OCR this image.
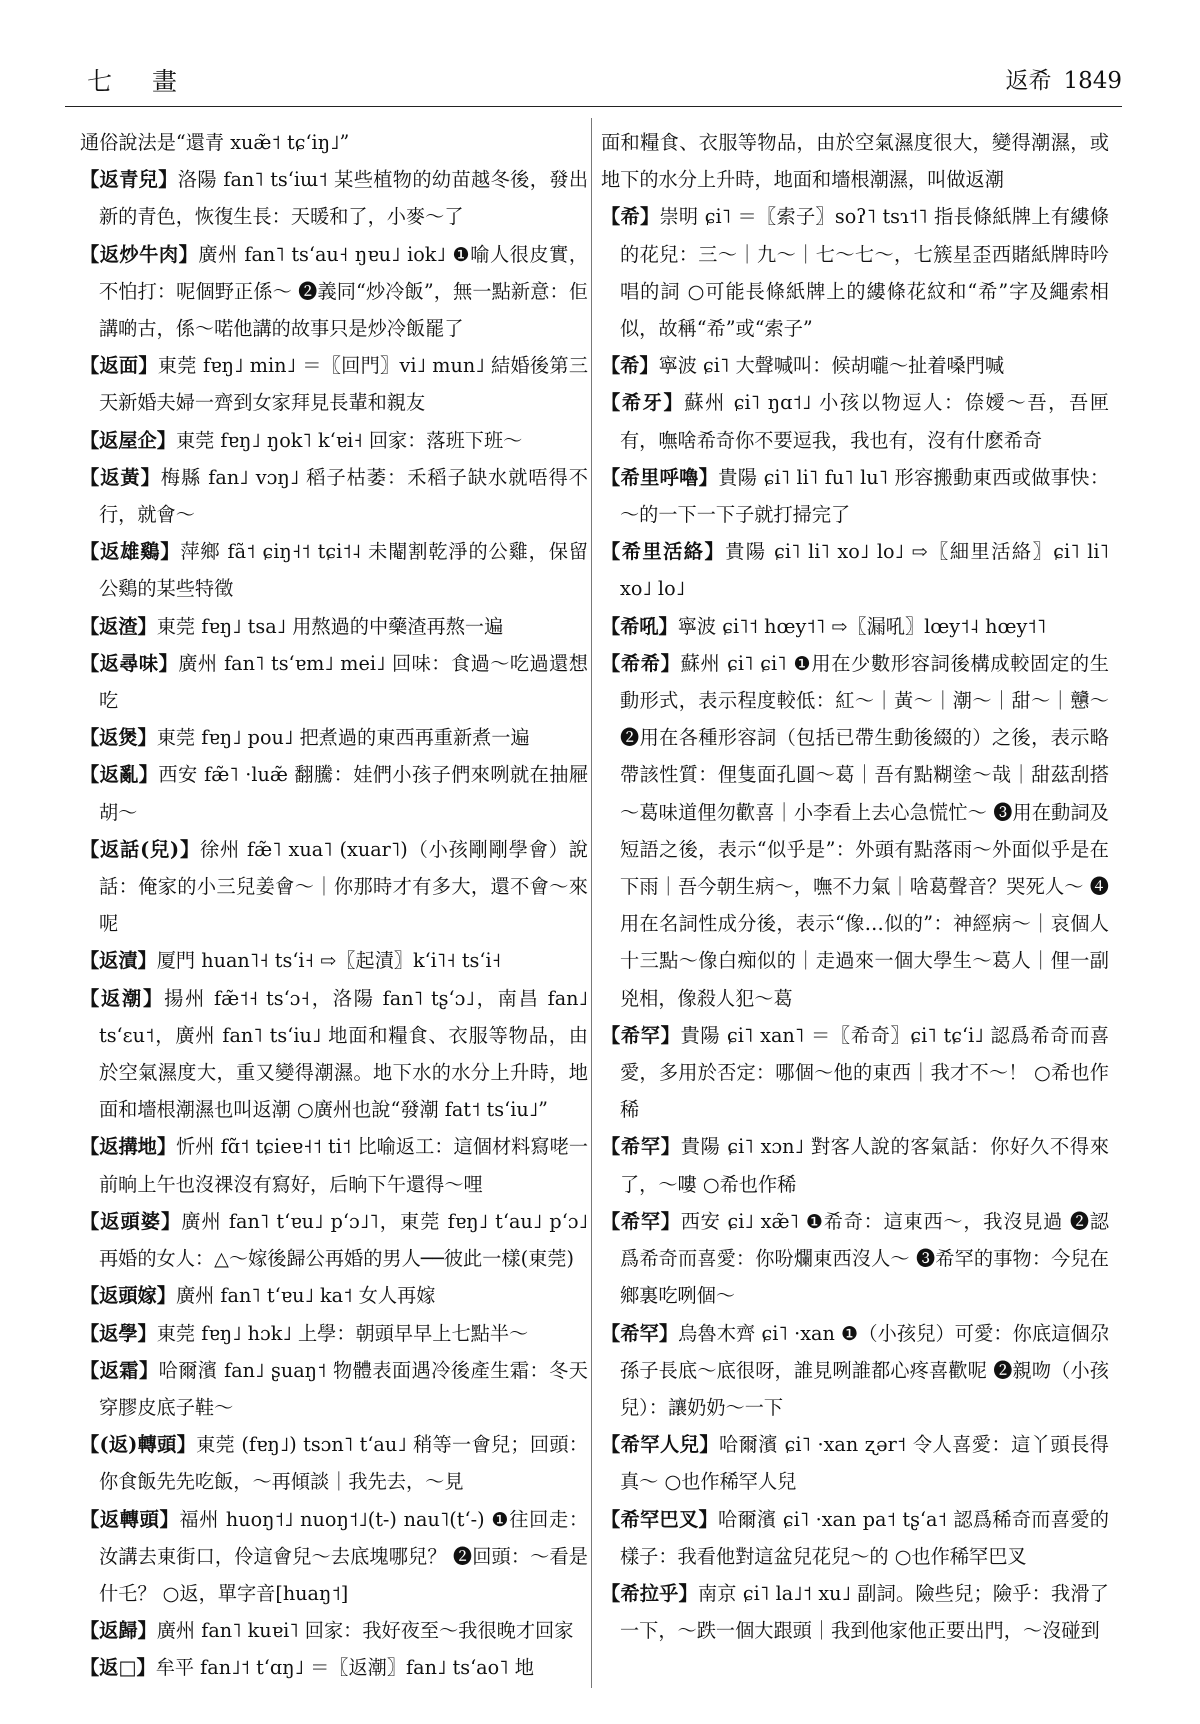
七 畫	返希 1849

通俗說法是“還青 xuæ̃˦ tɕʻiŋ˩”

【返青兒】洛陽 fan˥ tsʻiɯ˦ 某些植物的幼苗越冬後，發出新的青色，恢復生長：天暖和了，小麥～了

【返炒牛肉】廣州 fan˥ tsʻau˧ ŋɐu˩ iok˩ ❶喻人很皮實，不怕打：呢個野正係～ ❷義同“炒冷飯”，無一點新意：佢講啲古，係～喏他講的故事只是炒冷飯罷了

【返面】東莞 fɐŋ˩ min˩ ＝〖回門〗vi˩ mun˩ 結婚後第三天新婚夫婦一齊到女家拜見長輩和親友

【返屋企】東莞 fɐŋ˩ ŋok˥ kʻɐi˧ 回家：落班下班～

【返黃】梅縣 fan˩ vɔŋ˩ 稻子枯萎：禾稻子缺水就唔得不行，就會～

【返雄鷄】萍鄉 fã˦ ɕiŋ˧˦ tɕi˦˨ 未閹割乾淨的公雞，保留公鷄的某些特徵

【返渣】東莞 fɐŋ˩ tsa˩ 用熬過的中藥渣再熬一遍

【返尋味】廣州 fan˥ tsʻɐm˩ mei˩ 回味：食過～吃過還想吃

【返煲】東莞 fɐŋ˩ pou˩ 把煮過的東西再重新煮一遍

【返亂】西安 fæ̃˥ ·luæ̃ 翻騰：娃們小孩子們來咧就在抽屜胡～

【返話(兒)】徐州 fæ̃˥ xua˥ (xuar˥)（小孩剛剛學會）說話：俺家的小三兒姜會～｜你那時才有多大，還不會～來呢

【返漬】厦門 huan˥˧ tsʻi˧ ⇨〖起漬〗kʻi˥˧ tsʻi˧

【返潮】揚州 fæ̃˦˧ tsʻɔ˧，洛陽 fan˥ tʂʻɔ˩，南昌 fan˩ tsʻɛu˦，廣州 fan˥ tsʻiu˩ 地面和糧食、衣服等物品，由於空氣濕度大，重又變得潮濕。地下水的水分上升時，地面和墻根潮濕也叫返潮 ○廣州也說“發潮 fat˦ tsʻiu˩”

【返搆地】忻州 fɑ̃˦ tɕieɐ˧˦ ti˦ 比喻返工：這個材料寫咾一前晌上午也沒祼沒有寫好，后晌下午還得～哩

【返頭婆】廣州 fan˥ tʻɐu˩ pʻɔ˩˥，東莞 fɐŋ˩ tʻau˩ pʻɔ˩ 再婚的女人：△～嫁後歸公再婚的男人──彼此一樣(東莞)

【返頭嫁】廣州 fan˥ tʻɐu˩ ka˦ 女人再嫁

【返學】東莞 fɐŋ˩ hɔk˩ 上學：朝頭早早上七點半～

【返霜】哈爾濱 fan˩ ʂuaŋ˦ 物體表面遇冷後產生霜：冬天穿膠皮底子鞋～

【(返)轉頭】東莞 (fɐŋ˩) tsɔn˥ tʻau˩ 稍等一會兒；回頭：你食飯先先吃飯，～再傾談｜我先去，～見

【返轉頭】福州 huoŋ˦˩ nuoŋ˦˩(t-) nau˥(tʻ-) ❶往回走：汝講去東街口，伶這會兒～去底塊哪兒？ ❷回頭：～看是什乇？ ○返，單字音[huaŋ˦]

【返歸】廣州 fan˥ kuɐi˥ 回家：我好夜至～我很晚才回家

【返□】牟平 fan˩˦ tʻɑŋ˩ ＝〖返潮〗fan˩ tsʻao˥ 地

面和糧食、衣服等物品，由於空氣濕度很大，變得潮濕，或地下的水分上升時，地面和墻根潮濕，叫做返潮

【希】崇明 ɕi˥ ＝〖索子〗soʔ˥ tsɿ˦˥ 指長條紙牌上有縷條的花兒：三～｜九～｜七～七～，七簇星歪西賭紙牌時吟唱的詞 ○可能長條紙牌上的縷條花紋和“希”字及繩索相似，故稱“希”或“索子”

【希】寧波 ɕi˥ 大聲喊叫：候胡嚨～扯着嗓門喊

【希牙】蘇州 ɕi˥ ŋɑ˦˩ 小孩以物逗人：倷嬡～吾，吾匣有，嘸啥希奇你不要逗我，我也有，沒有什麽希奇

【希里呼嚕】貴陽 ɕi˥ li˥ fu˥ lu˥ 形容搬動東西或做事快：～的一下一下子就打掃完了

【希里活絡】貴陽 ɕi˥ li˥ xo˩ lo˩ ⇨〖細里活絡〗ɕi˥ li˥ xo˩ lo˩

【希吼】寧波 ɕi˥˦ hœy˦˥ ⇨〖漏吼〗lœy˦˨ hœy˦˥

【希希】蘇州 ɕi˥ ɕi˥ ❶用在少數形容詞後構成較固定的生動形式，表示程度較低：紅～｜黃～｜潮～｜甜～｜戇～ ❷用在各種形容詞（包括已帶生動後綴的）之後，表示略帶該性質：俚隻面孔圓～葛｜吾有點糊塗～哉｜甜茲刮搭～葛味道俚勿歡喜｜小李看上去心急慌忙～ ❸用在動詞及短語之後，表示“似乎是”：外頭有點落雨～外面似乎是在下雨｜吾今朝生病～，嘸不力氣｜啥葛聲音？哭死人～ ❹用在名詞性成分後，表示“像…似的”：神經病～｜哀個人十三點～像白痴似的｜走過來一個大學生～葛人｜俚一副兇相，像殺人犯～葛

【希罕】貴陽 ɕi˥ xan˥ ＝〖希奇〗ɕi˥ tɕʻi˩ 認爲希奇而喜愛，多用於否定：哪個～他的東西｜我才不～！ ○希也作稀

【希罕】貴陽 ɕi˥ xɔn˩ 對客人說的客氣話：你好久不得來了，～嘍 ○希也作稀

【希罕】西安 ɕi˩ xæ̃˥ ❶希奇：這東西～，我沒見過 ❷認爲希奇而喜愛：你吩爛東西沒人～ ❸希罕的事物：今兒在鄉裏吃咧個～

【希罕】烏魯木齊 ɕi˥ ·xan ❶（小孩兒）可愛：你底這個尕孫子長底～底很呀，誰見咧誰都心疼喜歡呢 ❷親吻（小孩兒）：讓奶奶～一下

【希罕人兒】哈爾濱 ɕi˥ ·xan ʐər˦ 令人喜愛：這丫頭長得真～ ○也作稀罕人兒

【希罕巴叉】哈爾濱 ɕi˥ ·xan pa˦ tʂʻa˦ 認爲稀奇而喜愛的樣子：我看他對這盆兒花兒～的 ○也作稀罕巴叉

【希拉乎】南京 ɕi˥ la˩˦ xu˩ 副詞。險些兒；險乎：我滑了一下，～跌一個大跟頭｜我到他家他正要出門，～沒碰到
